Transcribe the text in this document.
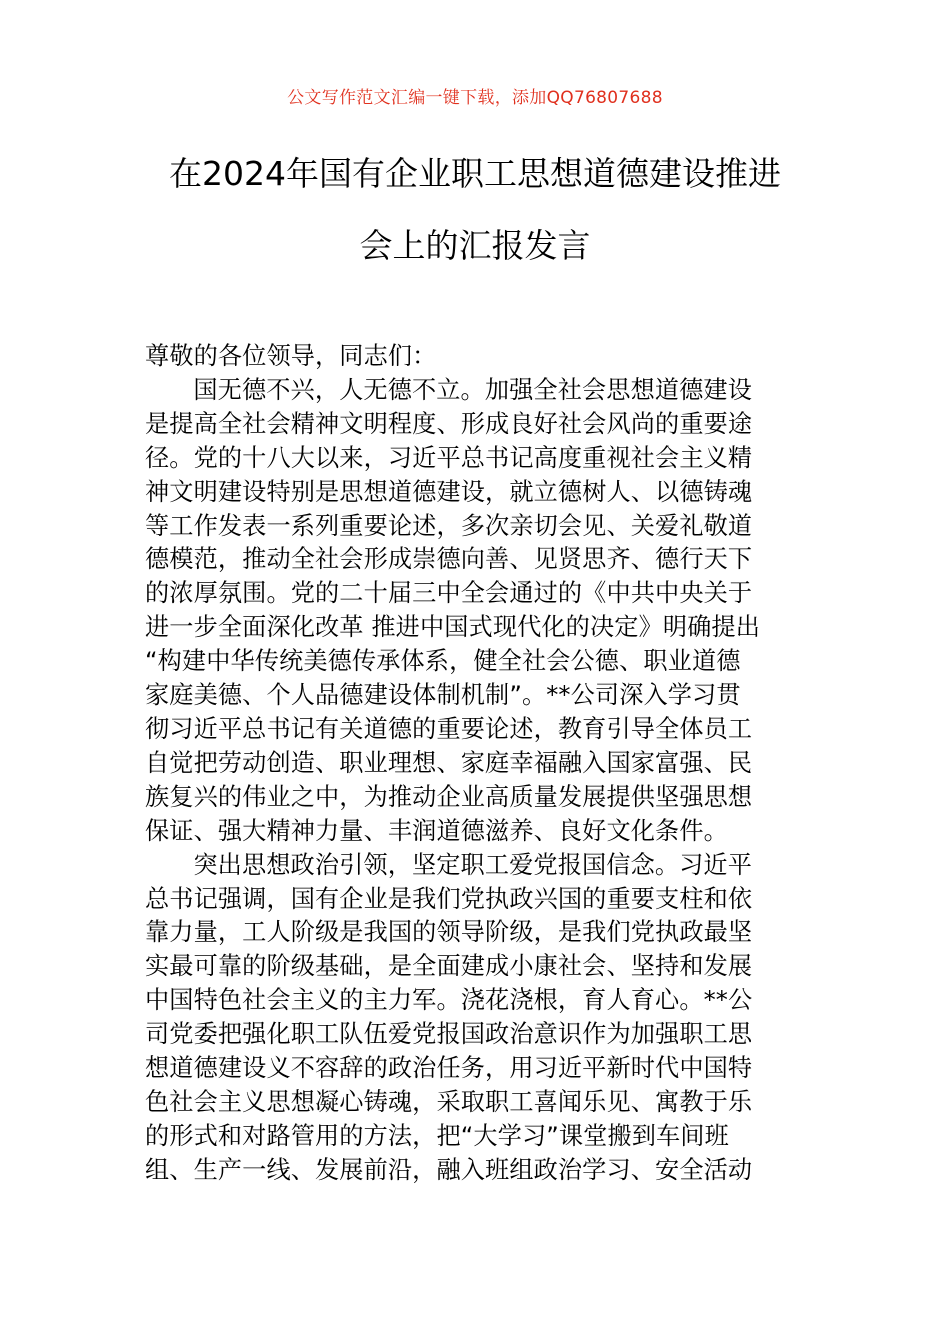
公文写作范文汇编一键下载，添加QQ76807688
在2024年国有企业职工思想道德建设推进
会上的汇报发言

尊敬的各位领导，同志们：

国无德不兴，人无德不立。加强全社会思想道德建设
是提高全社会精神文明程度、形成良好社会风尚的重要途
径。党的十八大以来，习近平总书记高度重视社会主义精
神文明建设特别是思想道德建设，就立德树人、以德铸魂
等工作发表一系列重要论述，多次亲切会见、关爱礼敬道
德模范，推动全社会形成崇德向善、见贤思齐、德行天下
的浓厚氛围。党的二十届三中全会通过的《中共中央关于
进一步全面深化改革 推进中国式现代化的决定》明确提出
“构建中华传统美德传承体系，健全社会公德、职业道德
家庭美德、个人品德建设体制机制”。**公司深入学习贯
彻习近平总书记有关道德的重要论述，教育引导全体员工
自觉把劳动创造、职业理想、家庭幸福融入国家富强、民
族复兴的伟业之中，为推动企业高质量发展提供坚强思想
保证、强大精神力量、丰润道德滋养、良好文化条件。

突出思想政治引领，坚定职工爱党报国信念。习近平
总书记强调，国有企业是我们党执政兴国的重要支柱和依
靠力量，工人阶级是我国的领导阶级，是我们党执政最坚
实最可靠的阶级基础，是全面建成小康社会、坚持和发展
中国特色社会主义的主力军。浇花浇根，育人育心。**公
司党委把强化职工队伍爱党报国政治意识作为加强职工思
想道德建设义不容辞的政治任务，用习近平新时代中国特
色社会主义思想凝心铸魂，采取职工喜闻乐见、寓教于乐
的形式和对路管用的方法，把“大学习”课堂搬到车间班
组、生产一线、发展前沿，融入班组政治学习、安全活动
